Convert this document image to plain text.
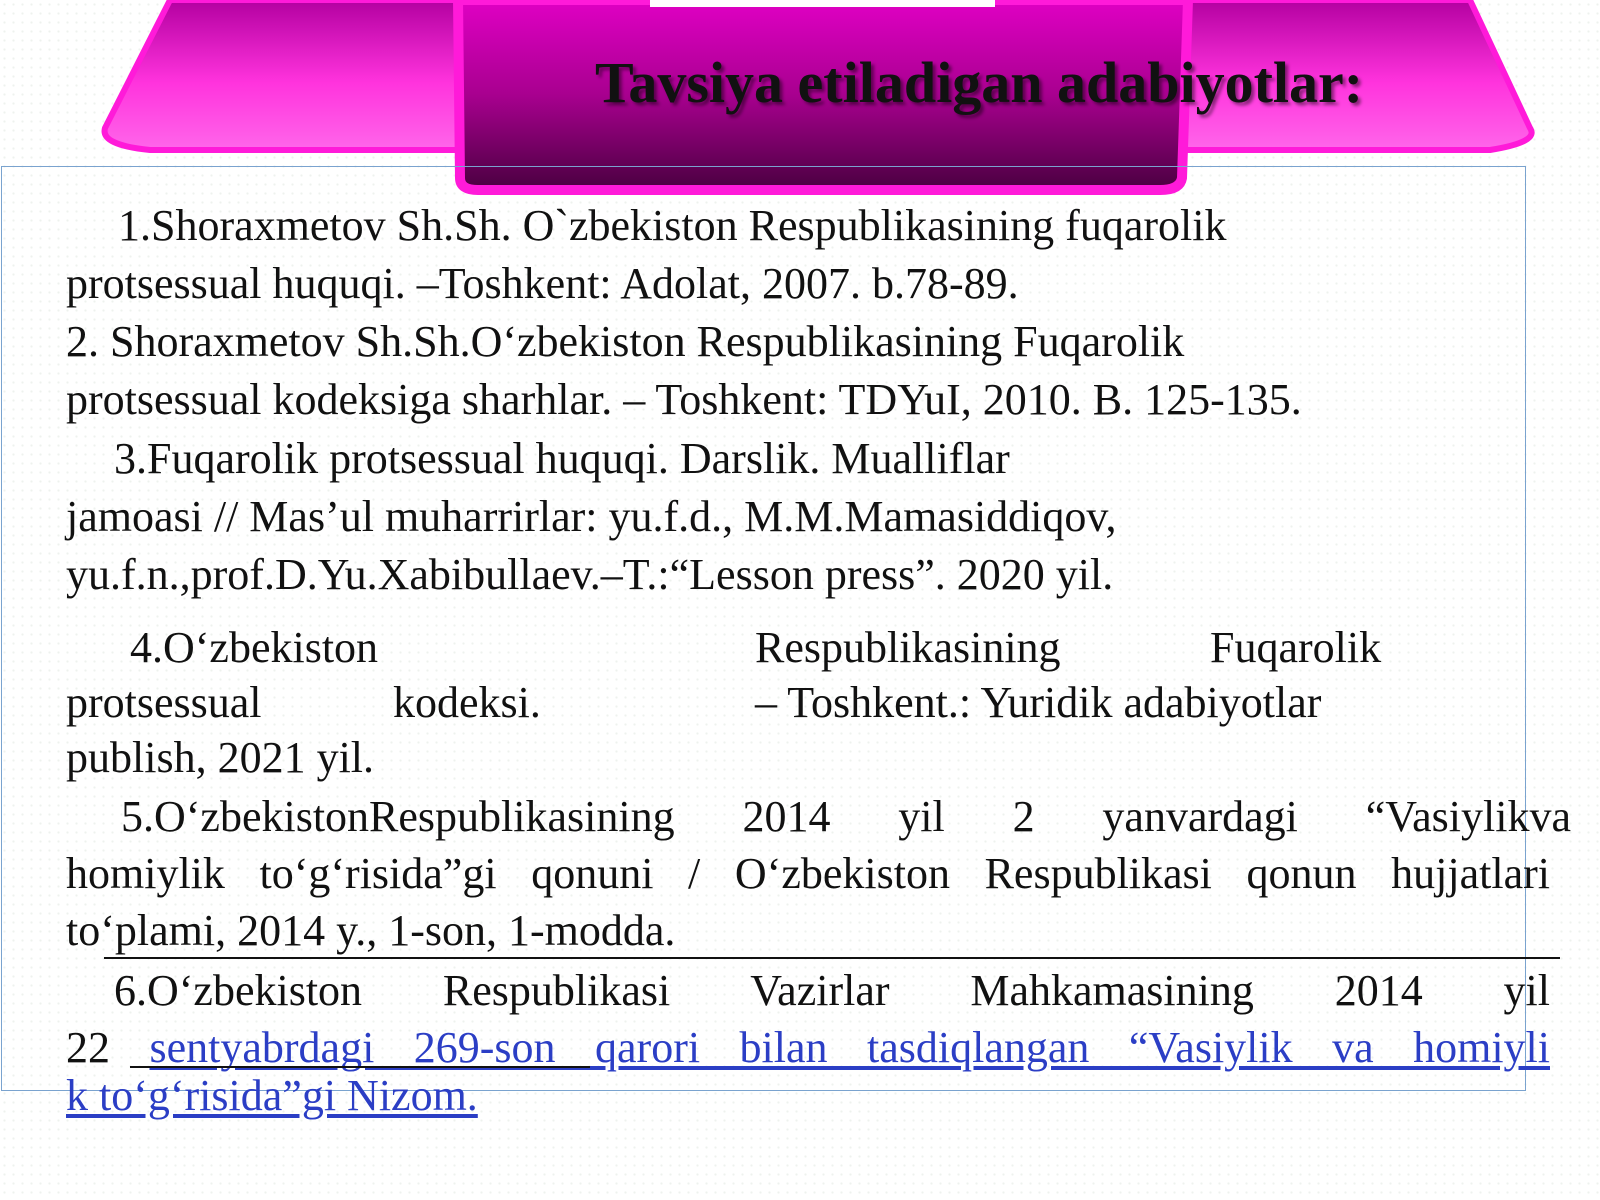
Tavsiya etiladigan adabiyotlar:
1.Shoraxmetov Sh.Sh. O`zbekiston Respublikasining fuqarolik
protsessual huquqi. –Toshkent: Adolat, 2007. b.78-89.
2. Shoraxmetov Sh.Sh.O‘zbekiston Respublikasining Fuqarolik
protsessual kodeksiga sharhlar. – Toshkent: TDYuI, 2010. B. 125-135.
3.Fuqarolik protsessual huquqi. Darslik. Mualliflar
jamoasi // Mas’ul muharrirlar: yu.f.d., M.M.Mamasiddiqov,
yu.f.n.,prof.D.Yu.Xabibullaev.–T.:“Lesson press”. 2020 yil.

4.O‘zbekiston	Respublikasining	Fuqarolik

protsessual	kodeksi.	– Toshkent.: Yuridik adabiyotlar

publish, 2021 yil.

5.O‘zbekistonRespublikasining 2014 yil 2 yanvardagi “Vasiylikva
homiylik to‘g‘risida”gi qonuni / O‘zbekiston Respublikasi qonun hujjatlari
to‘plami, 2014 y., 1-son, 1-modda.
6.O‘zbekiston Respublikasi Vazirlar Mahkamasining 2014 yil
22 sentyabrdagi 269-son qarori bilan tasdiqlangan “Vasiylik va homiyli
k to‘g‘risida”gi Nizom.
